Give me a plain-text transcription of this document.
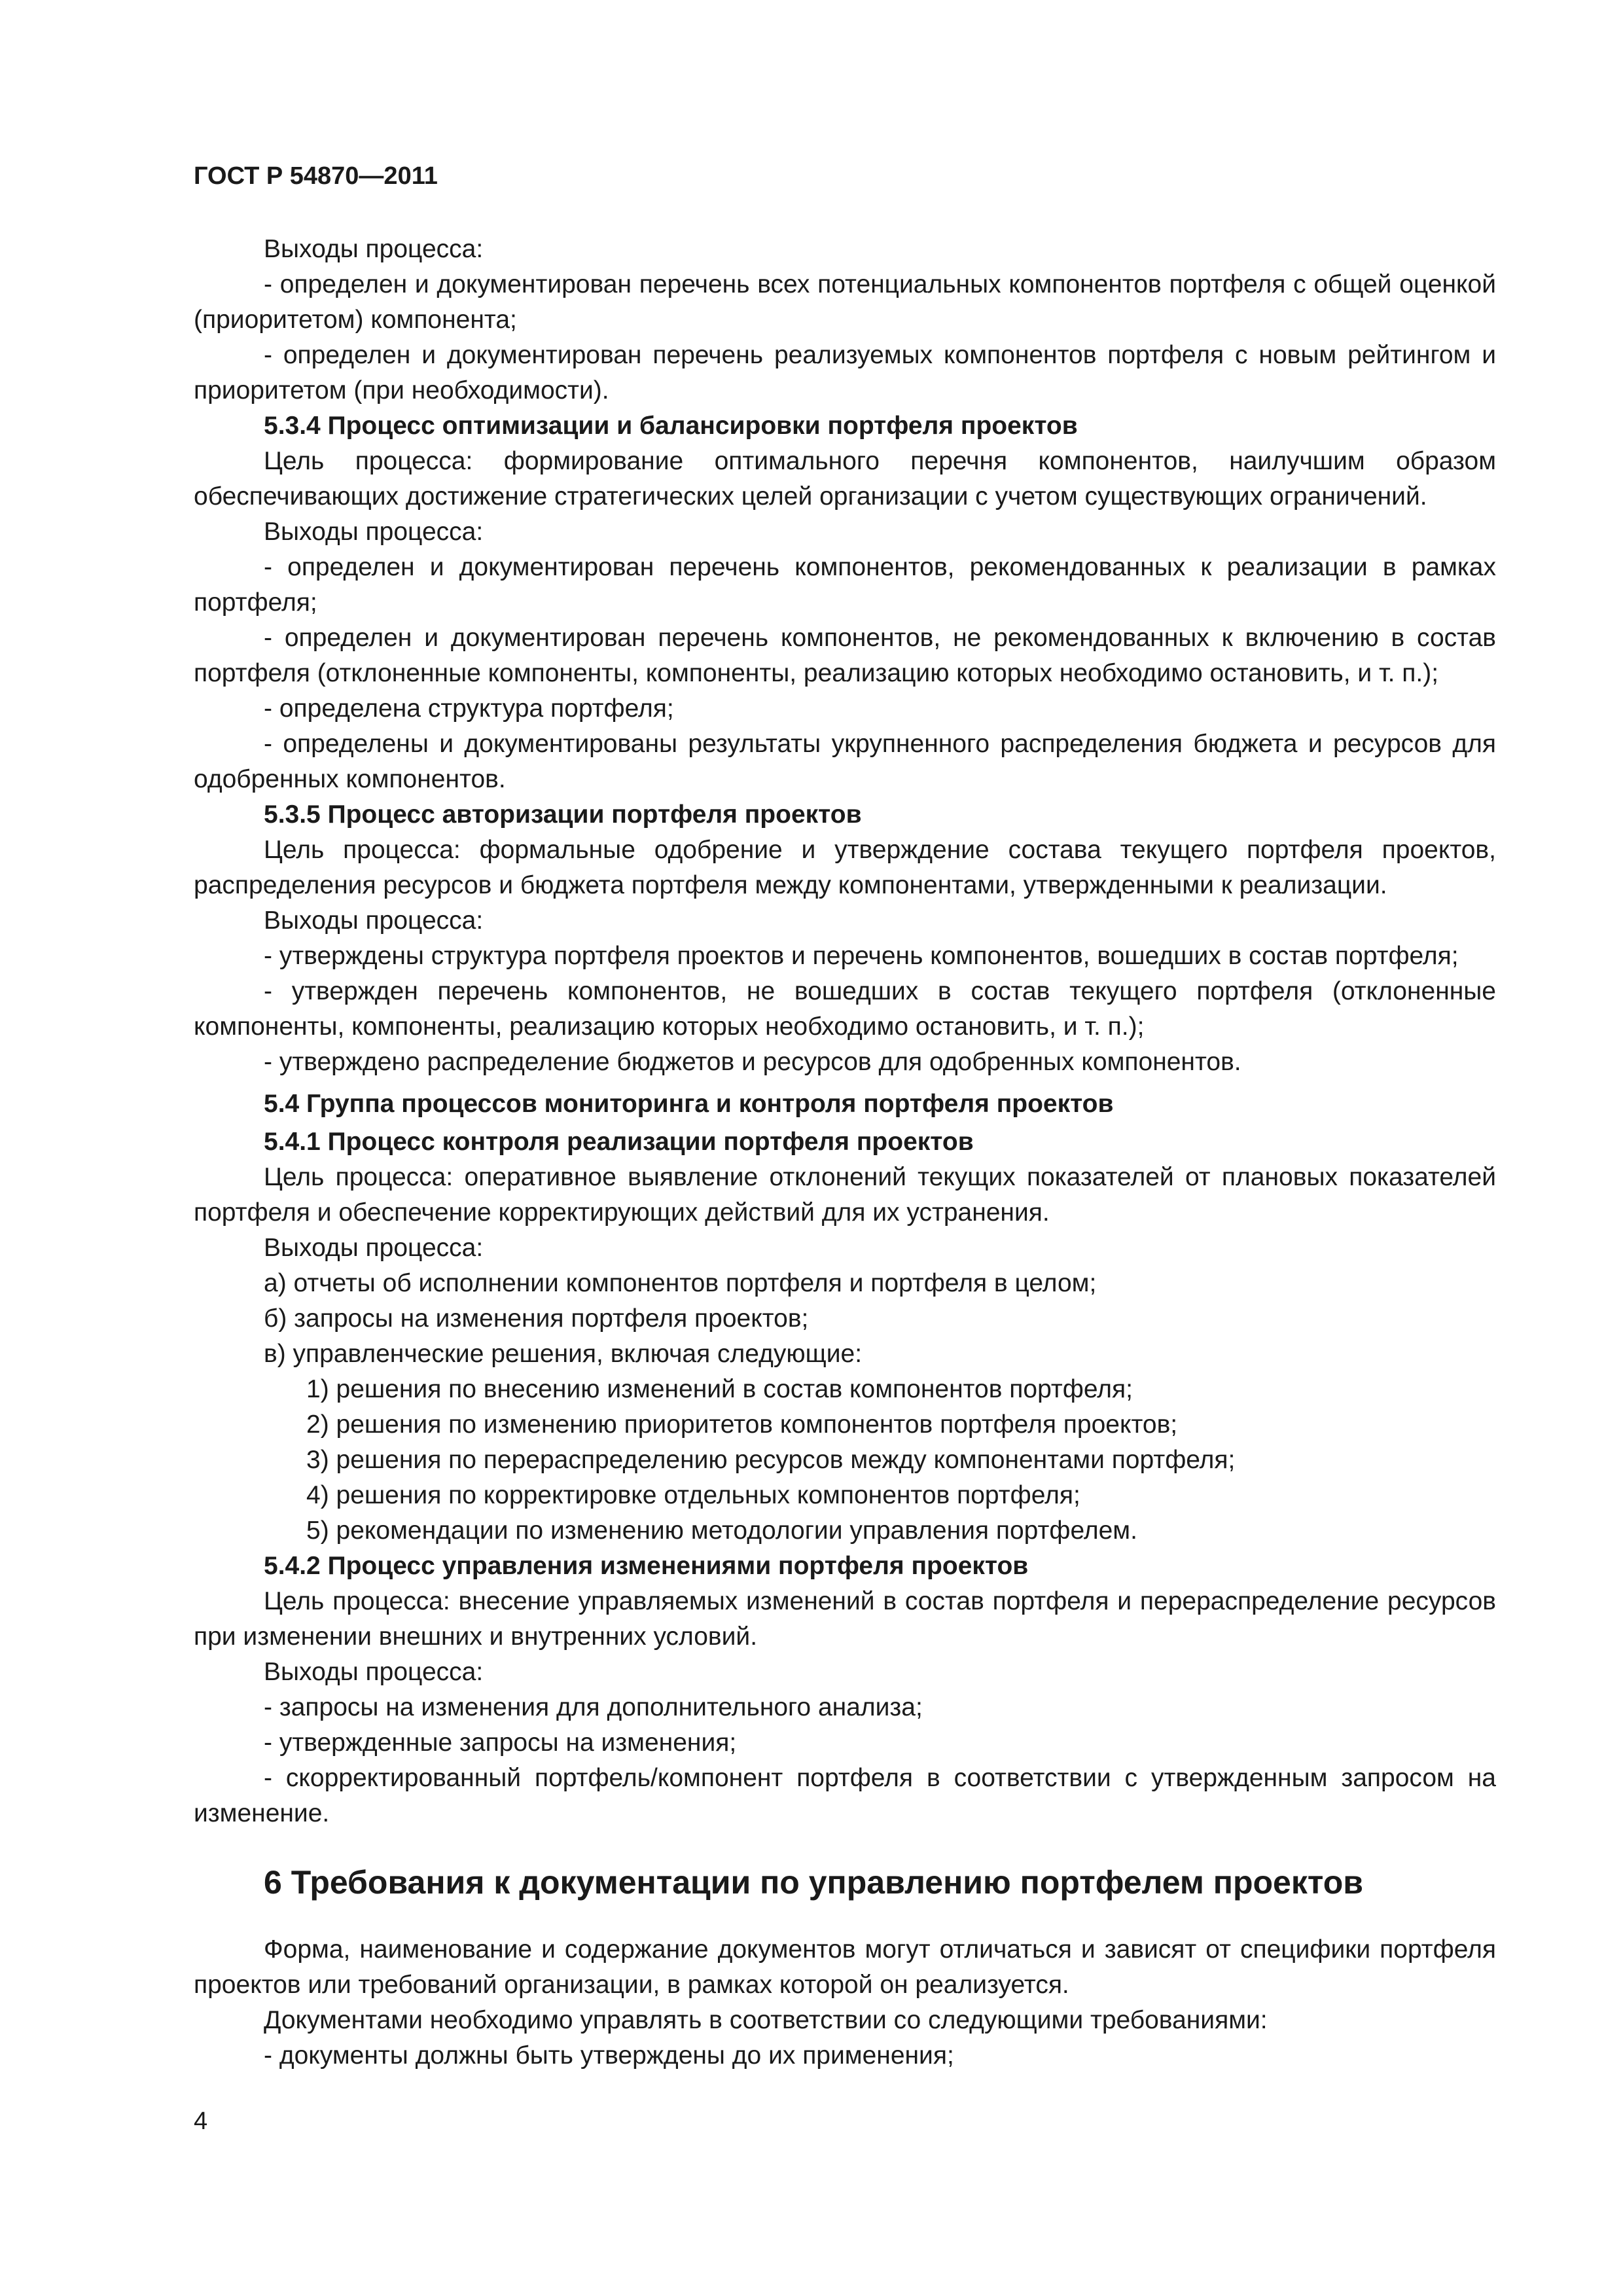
ГОСТ Р 54870—2011

Выходы процесса:

- определен и документирован перечень всех потенциальных компонентов портфеля с общей оценкой (приоритетом) компонента;

- определен и документирован перечень реализуемых компонентов портфеля с новым рейтингом и приоритетом (при необходимости).

5.3.4 Процесс оптимизации и балансировки портфеля проектов

Цель процесса: формирование оптимального перечня компонентов, наилучшим образом обеспечивающих достижение стратегических целей организации с учетом существующих ограничений.

Выходы процесса:

- определен и документирован перечень компонентов, рекомендованных к реализации в рамках портфеля;

- определен и документирован перечень компонентов, не рекомендованных к включению в состав портфеля (отклоненные компоненты, компоненты, реализацию которых необходимо остановить, и т. п.);

- определена структура портфеля;

- определены и документированы результаты укрупненного распределения бюджета и ресурсов для одобренных компонентов.

5.3.5 Процесс авторизации портфеля проектов

Цель процесса: формальные одобрение и утверждение состава текущего портфеля проектов, распределения ресурсов и бюджета портфеля между компонентами, утвержденными к реализации.

Выходы процесса:

- утверждены структура портфеля проектов и перечень компонентов, вошедших в состав портфеля;

- утвержден перечень компонентов, не вошедших в состав текущего портфеля (отклоненные компоненты, компоненты, реализацию которых необходимо остановить, и т. п.);

- утверждено распределение бюджетов и ресурсов для одобренных компонентов.

5.4 Группа процессов мониторинга и контроля портфеля проектов
5.4.1 Процесс контроля реализации портфеля проектов

Цель процесса: оперативное выявление отклонений текущих показателей от плановых показателей портфеля и обеспечение корректирующих действий для их устранения.

Выходы процесса:

а) отчеты об исполнении компонентов портфеля и портфеля в целом;
б) запросы на изменения портфеля проектов;
в) управленческие решения, включая следующие:
1) решения по внесению изменений в состав компонентов портфеля;
2) решения по изменению приоритетов компонентов портфеля проектов;
3) решения по перераспределению ресурсов между компонентами портфеля;
4) решения по корректировке отдельных компонентов портфеля;
5) рекомендации по изменению методологии управления портфелем.
5.4.2 Процесс управления изменениями портфеля проектов

Цель процесса: внесение управляемых изменений в состав портфеля и перераспределение ресурсов при изменении внешних и внутренних условий.

Выходы процесса:

- запросы на изменения для дополнительного анализа;

- утвержденные запросы на изменения;

- скорректированный портфель/компонент портфеля в соответствии с утвержденным запросом на изменение.

6 Требования к документации по управлению портфелем проектов

Форма, наименование и содержание документов могут отличаться и зависят от специфики портфеля проектов или требований организации, в рамках которой он реализуется.

Документами необходимо управлять в соответствии со следующими требованиями:

- документы должны быть утверждены до их применения;

4
